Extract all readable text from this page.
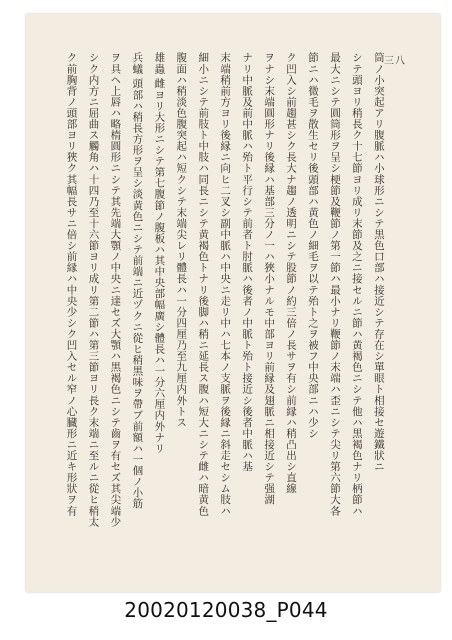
三八
筒ノ小突起アリ腹脈ハ小球形ニシテ黒色口部ハ接近シテ存在シ單眼ト相接セ遊鐵狀ニ
シテ頭ヨリ稍長ク十七節ヨリ成リ末節及之ニ接セルニ節ハ黄褐色ニシテ他ハ黒褐色ナリ柄節ハ
最大ニシテ圓筒形ヲ呈シ梗節及鞭節ノ第一節ハ最小ナリ鞭節ノ末端ハ歪ニシテ尖リ第六節大各
節ニハ微毛ヲ散生セリ後頭部ハ黄色ノ細毛ヲ以テ殆ト之ヲ被フ中央部ニハ少シ
ク凹入シ前趨甚シク長大ナ趨ノ透明ニシテ股節ノ約三倍ノ長サヲ有シ前縁ハ稍凸出シ直線
ヲナシ末端圓形ナリ後縁ハ基部三分ノ一ハ狹小ナルモ中部ヨリ前縁及翅脈ニ相接近シテ强湖
ナリ中脈及前中脈ハ殆ト平行シテ前者ト肘脈ハ後者ノ中脈ト殆ト接近シ後者中脈ハ基
末端稍前方ヨリ後縁ニ向ヒ二叉シ副中脈ハ中央ニ走リ中ハ七本ノ支脈ヲ後縁ニ斜走セシム肢ハ
細小ニシテ前肢ト中肢ハ同長ニシテ黄褐色トナリ後脚ハ稍ニ延長ス腹ハ短大ニシテ雌ハ暗黄色
腹面ハ稍淡色腹突起ハ短クシテ末端尖レリ體長ハ一分四厘乃至九厘内外トス
雄蟲 雌ヨリ大形ニシテ第七腹節ノ腹板ハ其中央部幅廣シ體長ハ一分六厘内外ナリ
兵蟻 頭部ハ稍長方形ヲ呈シ淡黄色ニシテ前端ニ近ヅクニ從ヒ稍黒味ヲ帶ブ前額ハ一個ノ小筋
ヲ具ヘ上唇ハ略楕圓形ニシテ其先端大顎ノ中央ニ達セズ大顎ハ黒褐色ニシテ齒ヲ有セズ其尖端少
シク内方ニ屈曲ス觸角ハ十四乃至十六節ヨリ成リ第二節ハ第三節ヨリ長ク末端ニ至ルニ從ヒ稍太
ク前胸背ノ頭部ヨリ狹ク其幅長サニ倍シ前縁ハ中央少シク凹入セル窄ノ心臓形ニ近キ形狀ヲ有
20020120038_P044
